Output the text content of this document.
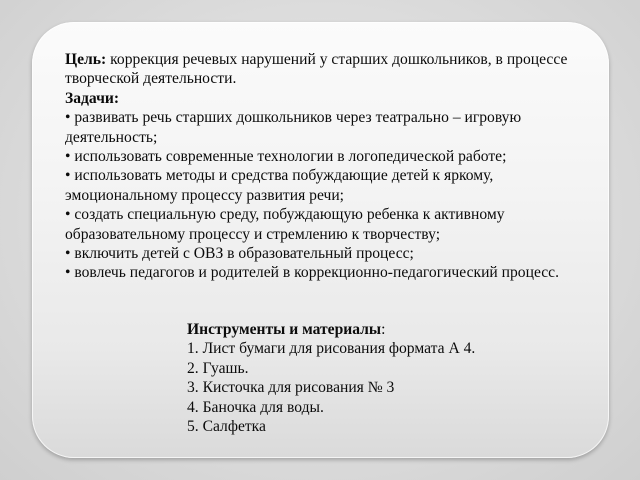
Цель: коррекция речевых нарушений у старших дошкольников, в процессе творческой деятельности.

Задачи:

• развивать речь старших дошкольников через театрально – игровую деятельность;
• использовать современные технологии в логопедической работе;
• использовать методы и средства побуждающие детей к яркому, эмоциональному процессу развития речи;
• создать специальную среду, побуждающую ребенка к активному образовательному процессу и стремлению к творчеству;
• включить детей с ОВЗ в образовательный процесс;
• вовлечь педагогов и родителей в коррекционно-педагогический процесс.

Инструменты и материалы:

1. Лист бумаги для рисования формата А 4.
2. Гуашь.
3. Кисточка для рисования № 3
4. Баночка для воды.
5. Салфетка
